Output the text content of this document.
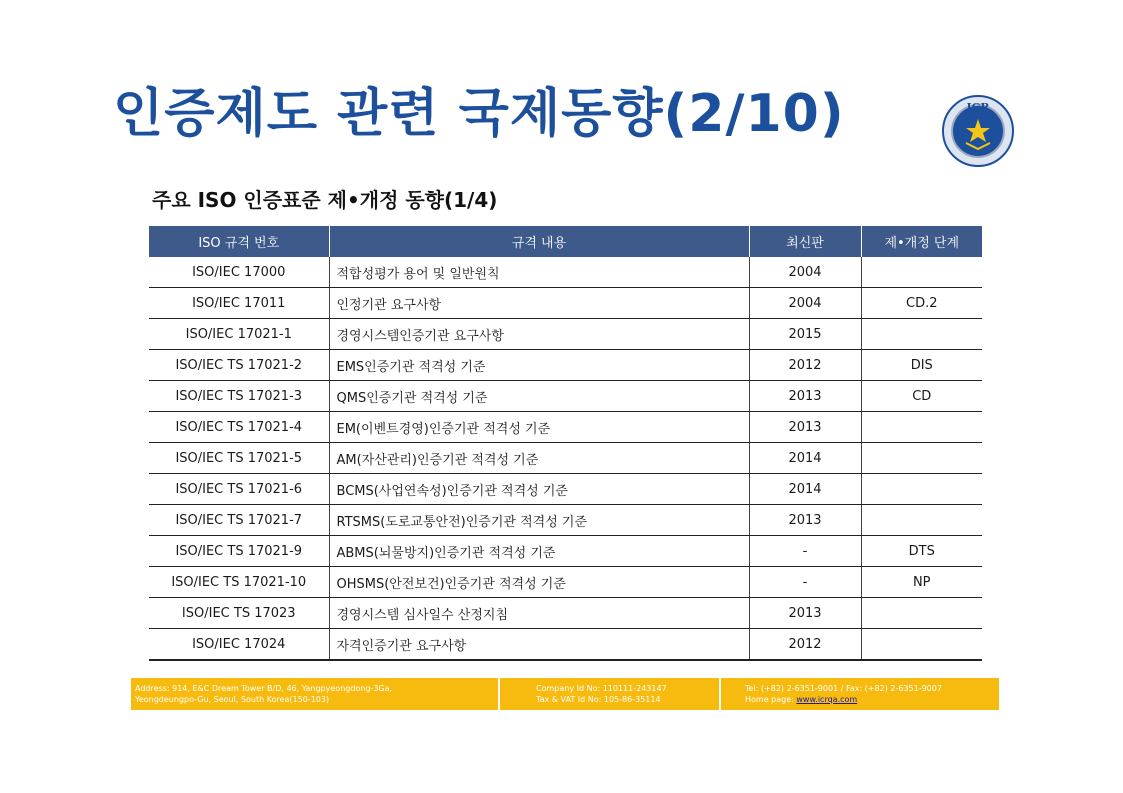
인증제도 관련 국제동향(2/10)	ICR
주요 ISO 인증표준 제•개정 동향(1/4)
ISO 규격 번호	규격 내용	최신판	제•개정 단계
ISO/IEC 17000	적합성평가 용어 및 일반원칙	2004	
ISO/IEC 17011	인정기관 요구사항	2004	CD.2
ISO/IEC 17021-1	경영시스템인증기관 요구사항	2015	
ISO/IEC TS 17021-2	EMS인증기관 적격성 기준	2012	DIS
ISO/IEC TS 17021-3	QMS인증기관 적격성 기준	2013	CD
ISO/IEC TS 17021-4	EM(이벤트경영)인증기관 적격성 기준	2013	
ISO/IEC TS 17021-5	AM(자산관리)인증기관 적격성 기준	2014	
ISO/IEC TS 17021-6	BCMS(사업연속성)인증기관 적격성 기준	2014	
ISO/IEC TS 17021-7	RTSMS(도로교통안전)인증기관 적격성 기준	2013	
ISO/IEC TS 17021-9	ABMS(뇌물방지)인증기관 적격성 기준	-	DTS
ISO/IEC TS 17021-10	OHSMS(안전보건)인증기관 적격성 기준	-	NP
ISO/IEC TS 17023	경영시스템 심사일수 산정지침	2013	
ISO/IEC 17024	자격인증기관 요구사항	2012	
Address: 914, E&C Dream Tower B/D, 46, Yangpyeongdong-3Ga,
Yeongdeungpo-Gu, Seoul, South Korea(150-103)
Company Id No: 110111-243147
Tax & VAT Id No: 105-86-35114
Tel: (+82) 2-6351-9001 / Fax: (+82) 2-6351-9007
Home page: www.icrqa.com
